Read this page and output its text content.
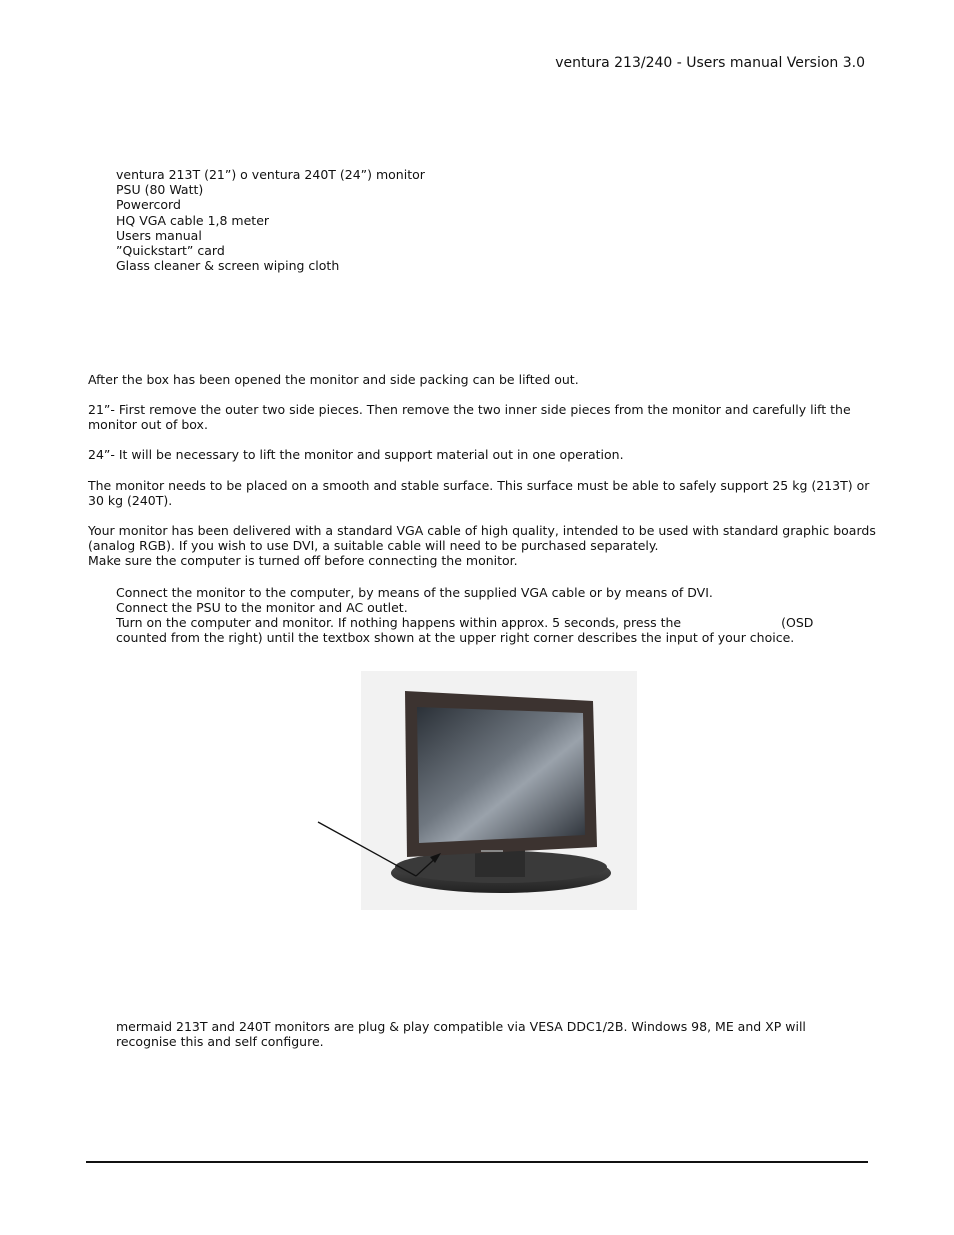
ventura 213/240 - Users manual Version 3.0
ventura 213T (21”) o ventura 240T (24”) monitor
PSU (80 Watt)
Powercord
HQ VGA cable 1,8 meter
Users manual
”Quickstart” card
Glass cleaner & screen wiping cloth
After the box has been opened the monitor and side packing can be lifted out.
21”- First remove the outer two side pieces. Then remove the two inner side pieces from the monitor and carefully lift the monitor out of box.
24”- It will be necessary to lift the monitor and support material out in one operation.
The monitor needs to be placed on a smooth and stable surface. This surface must be able to safely support 25 kg (213T) or 30 kg (240T).
Your monitor has been delivered with a standard VGA cable of high quality, intended to be used with standard graphic boards (analog RGB). If you wish to use DVI, a suitable cable will need to be purchased separately.
Make sure the computer is turned off before connecting the monitor.
Connect the monitor to the computer, by means of the supplied VGA cable or by means of DVI.
Connect the PSU to the monitor and AC outlet.
Turn on the computer and monitor. If nothing happens within approx. 5 seconds, press the	(OSD counted from the right) until the textbox shown at the upper right corner describes the input of your choice.
mermaid 213T and 240T monitors are plug & play compatible via VESA DDC1/2B. Windows 98, ME and XP will recognise this and self configure.
